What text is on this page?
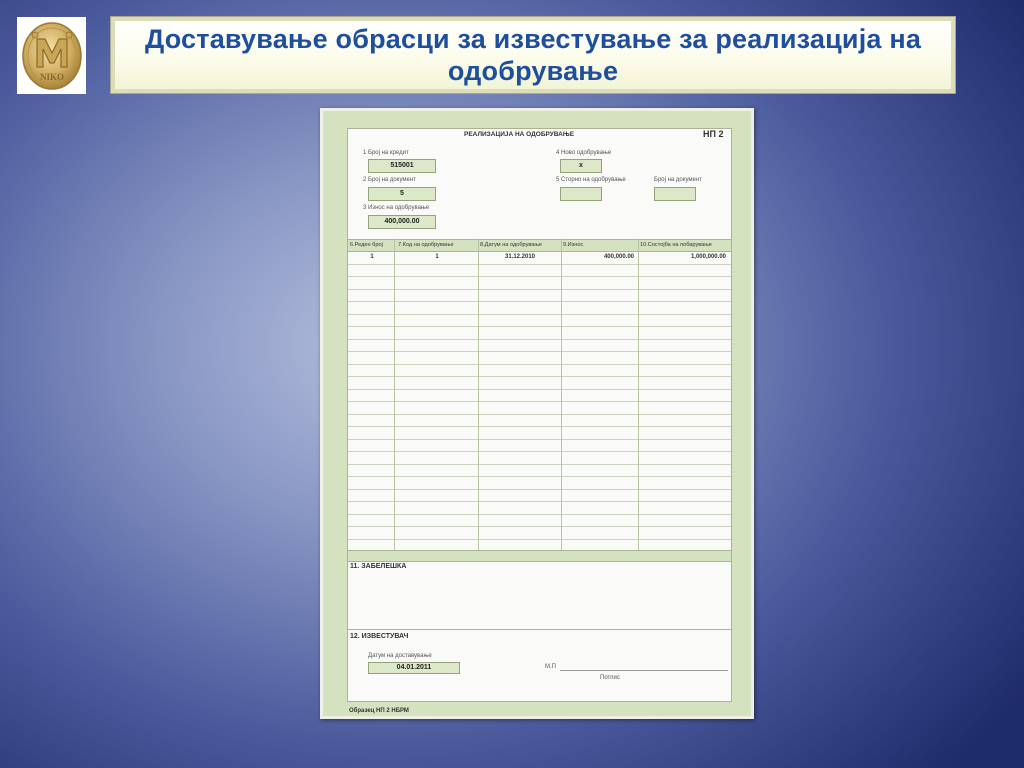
NIKO
Доставување обрасци за известување за реализација на одобрување
РЕАЛИЗАЦИЈА НА ОДОБРУВАЊЕ	НП 2
1 Број на кредит
515001
2 Број на документ
5
3 Износ на одобрување
400,000.00
4 Ново одобрување
x
5 Сторно на одобрување	Број на документ
6.Реден број	7.Код на одобрување	8.Датум на одобрување	9.Износ	10.Состојба на побарување
1	1	31.12.2010	400,000.00	1,000,000.00
11. ЗАБЕЛЕШКА
12. ИЗВЕСТУВАЧ
Датум на доставување
04.01.2011	М.П
Потпис
Образец НП 2 НБРМ
